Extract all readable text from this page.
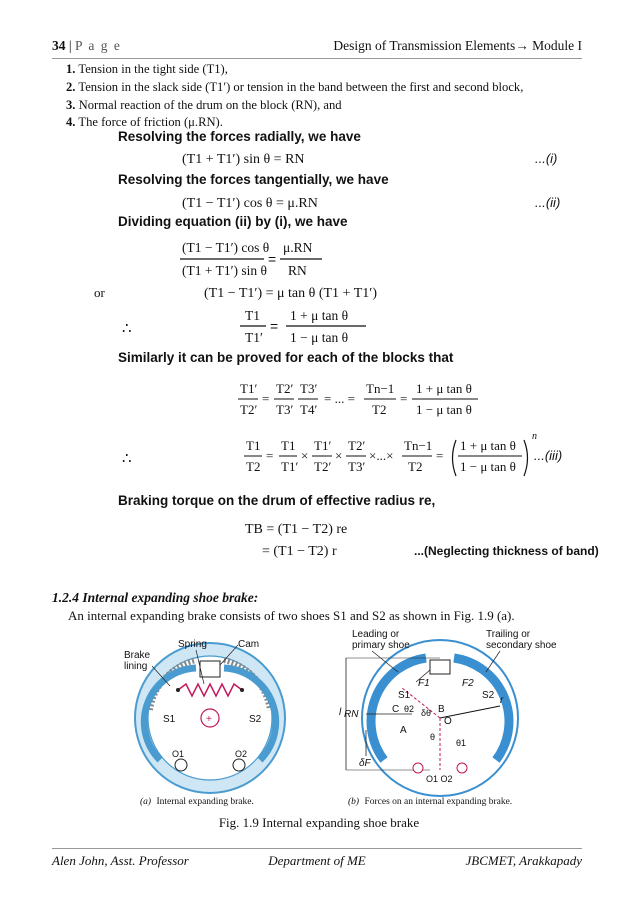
34 | P a g e	Design of Transmission Elements→ Module I
1. Tension in the tight side (T1),
2. Tension in the slack side (T1′) or tension in the band between the first and second block,
3. Normal reaction of the drum on the block (RN), and
4. The force of friction (μ.RN).
Resolving the forces radially, we have
(T1 + T1′) sin θ = RN	...(i)
Resolving the forces tangentially, we have
(T1 − T1′) cos θ = μ.RN	...(ii)
Dividing equation (ii) by (i), we have
(T1 − T1′) cos θ
(T1 + T1′) sin θ
=
μ.RN
RN
or	(T1 − T1′) = μ tan θ (T1 + T1′)
∴
T1
T1′
=
1 + μ tan θ
1 − μ tan θ
Similarly it can be proved for each of the blocks that
T1′
T2′
=
T2′
T3′
T3′
T4′
= ... =
Tn−1
T2
=
1 + μ tan θ
1 − μ tan θ
∴
T1
T2
=
T1
T1′
×
T1′
T2′
×
T2′
T3′
×...×
Tn−1
T2
=
1 + μ tan θ
1 − μ tan θ
n
...(iii)
Braking torque on the drum of effective radius re,
TB = (T1 − T2) re
= (T1 − T2) r	...(Neglecting thickness of band)
1.2.4 Internal expanding shoe brake:
An internal expanding brake consists of two shoes S1 and S2 as shown in Fig. 1.9 (a).
+
S1	S2
O1	O2
Spring	Cam
Brake
lining
(a) Internal expanding brake.
l RN
δF
F1	F2
S1	S2
C θ2 δθ B
O
A
θ
θ1
r
O1 O2
Leading or
primary shoe
Trailing or
secondary shoe
(b) Forces on an internal expanding brake.
Fig. 1.9 Internal expanding shoe brake
Alen John, Asst. Professor	Department of ME	JBCMET, Arakkapady
